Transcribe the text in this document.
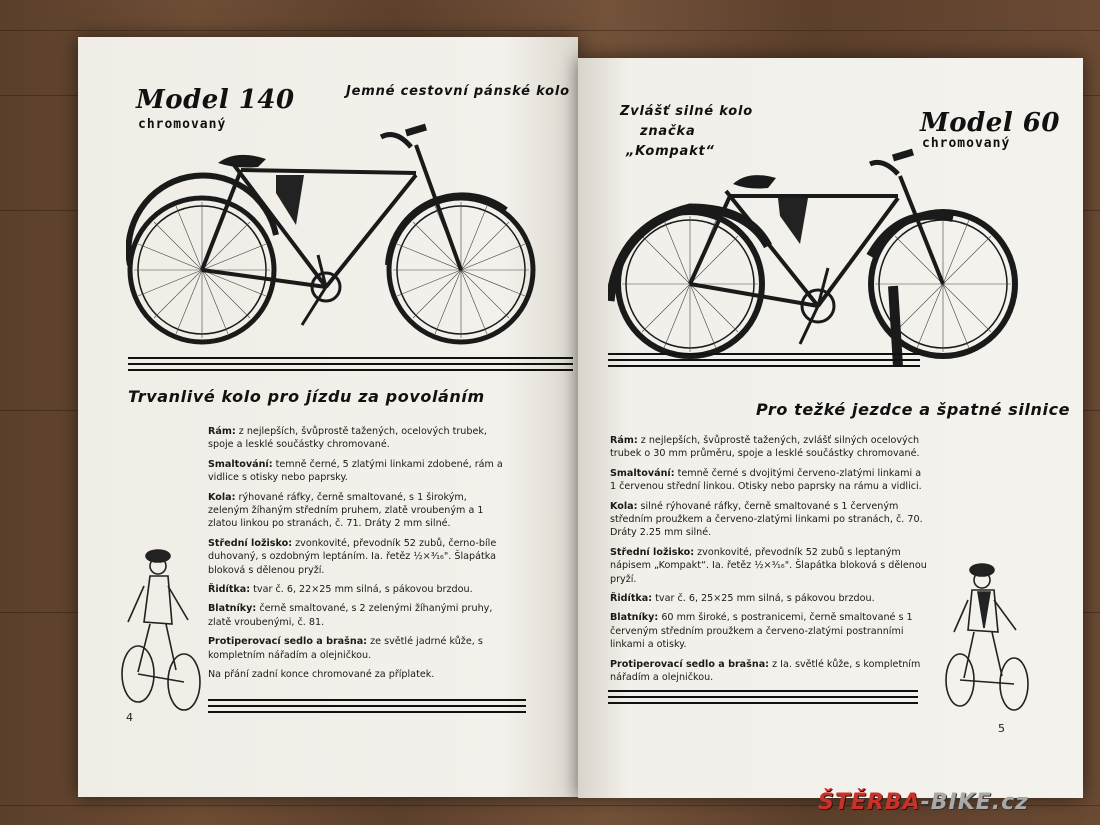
Model 140
chromovaný
Jemné cestovní pánské kolo
Trvanlivé kolo pro jízdu za povoláním

Rám: z nejlepších, švůprostě tažených, ocelových trubek, spoje a lesklé součástky chromované.

Smaltování: temně černé, 5 zlatými linkami zdobené, rám a vidlice s otisky nebo paprsky.

Kola: rýhované ráfky, černě smaltované, s 1 širokým, zeleným žíhaným středním pruhem, zlatě vroubeným a 1 zlatou linkou po stranách, č. 71. Dráty 2 mm silné.

Střední ložisko: zvonkovité, převodník 52 zubů, černo-bíle duhovaný, s ozdobným leptáním. Ia. řetěz ½×³⁄₁₆". Šlapátka bloková s dělenou pryží.

Řidítka: tvar č. 6, 22×25 mm silná, s pákovou brzdou.

Blatníky: černě smaltované, s 2 zelenými žíhanými pruhy, zlatě vroubenými, č. 81.

Protiperovací sedlo a brašna: ze světlé jadrné kůže, s kompletním nářadím a olejničkou.

Na přání zadní konce chromované za příplatek.

4
Zvlášť silné kolo
značka
„Kompakt“
Model 60
chromovaný
Pro težké jezdce a špatné silnice

Rám: z nejlepších, švůprostě tažených, zvlášť silných ocelových trubek o 30 mm průměru, spoje a lesklé součástky chromované.

Smaltování: temně černé s dvojitými červeno-zlatými linkami a 1 červenou střední linkou. Otisky nebo paprsky na rámu a vidlici.

Kola: silné rýhované ráfky, černě smaltované s 1 červeným středním proužkem a červeno-zlatými linkami po stranách, č. 70. Dráty 2.25 mm silné.

Střední ložisko: zvonkovité, převodník 52 zubů s leptaným nápisem „Kompakt“. Ia. řetěz ½×³⁄₁₆". Šlapátka bloková s dělenou pryží.

Řidítka: tvar č. 6, 25×25 mm silná, s pákovou brzdou.

Blatníky: 60 mm široké, s postranicemi, černě smaltované s 1 červeným středním proužkem a červeno-zlatými postranními linkami a otisky.

Protiperovací sedlo a brašna: z Ia. světlé kůže, s kompletním nářadím a olejničkou.

5
ŠTĚRBA-BIKE.cz
